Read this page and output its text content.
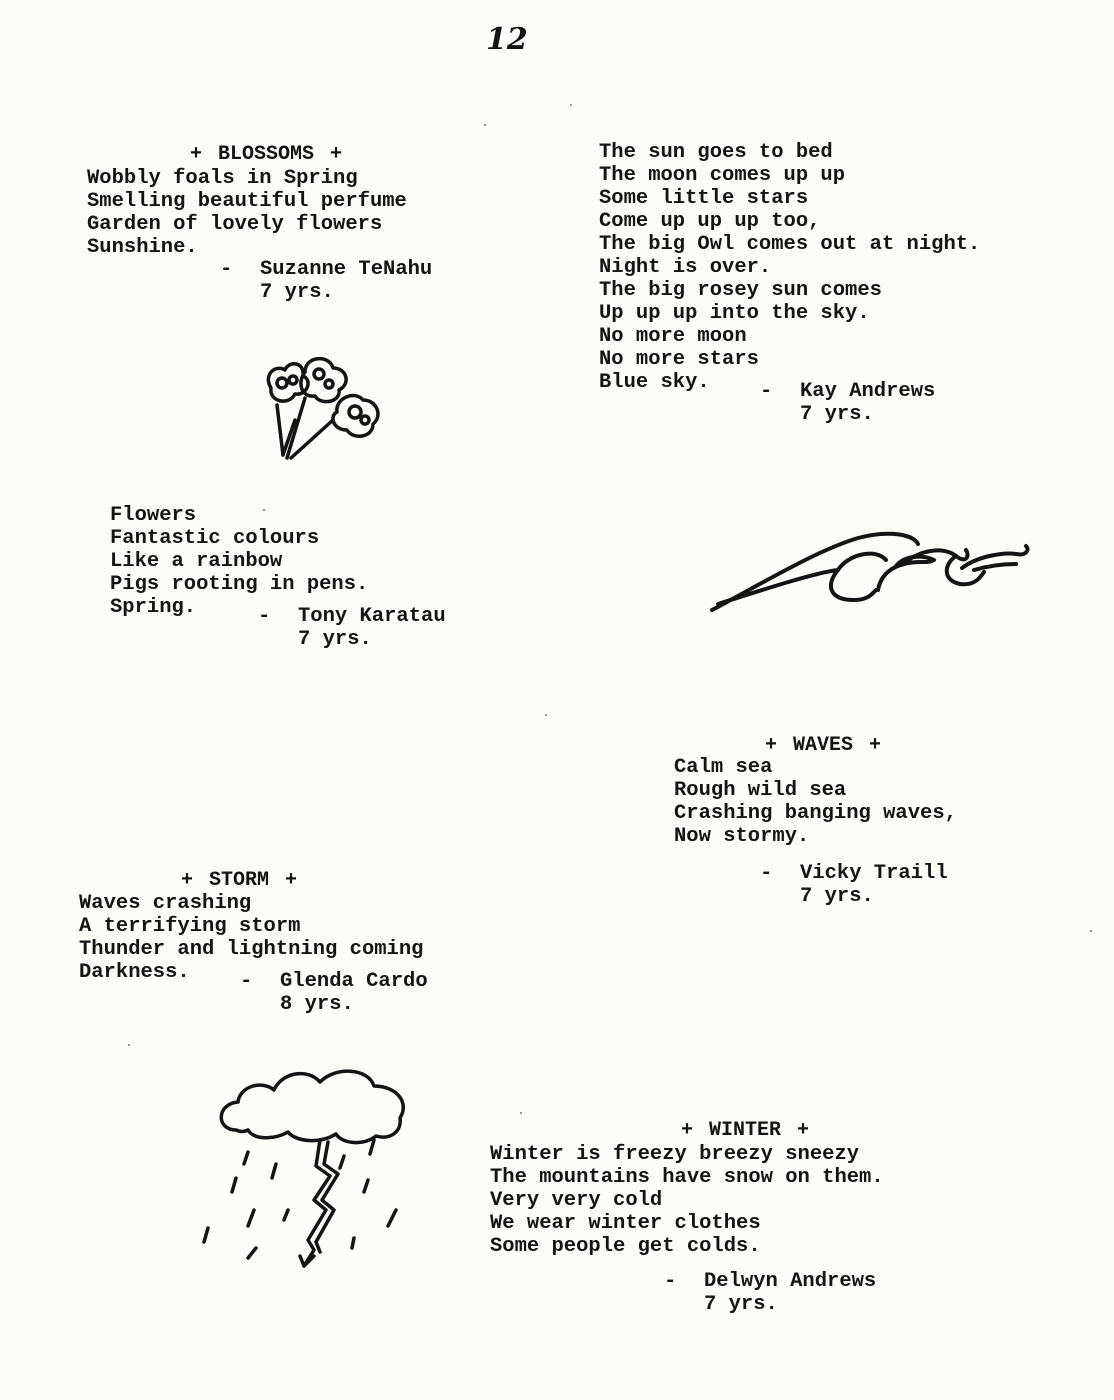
12

+ BLOSSOMS +

Wobbly foals in Spring
Smelling beautiful perfume
Garden of lovely flowers
Sunshine.

-

Suzanne TeNahu

7 yrs.

The sun goes to bed
The moon comes up up
Some little stars
Come up up up too,
The big Owl comes out at night.
Night is over.
The big rosey sun comes
Up up up into the sky.
No more moon
No more stars
Blue sky.

	-

Kay Andrews

7 yrs.

Flowers
Fantastic colours
Like a rainbow
Pigs rooting in pens.
Spring.

	-

Tony Karatau

7 yrs.

+ WAVES +

Calm sea
Rough wild sea
Crashing banging waves,
Now stormy.

-

Vicky Traill

7 yrs.

+ STORM +

Waves crashing
A terrifying storm
Thunder and lightning coming
Darkness.

	-

Glenda Cardo

8 yrs.

+ WINTER +

Winter is freezy breezy sneezy
The mountains have snow on them.
Very very cold
We wear winter clothes
Some people get colds.

-

Delwyn Andrews

7 yrs.
